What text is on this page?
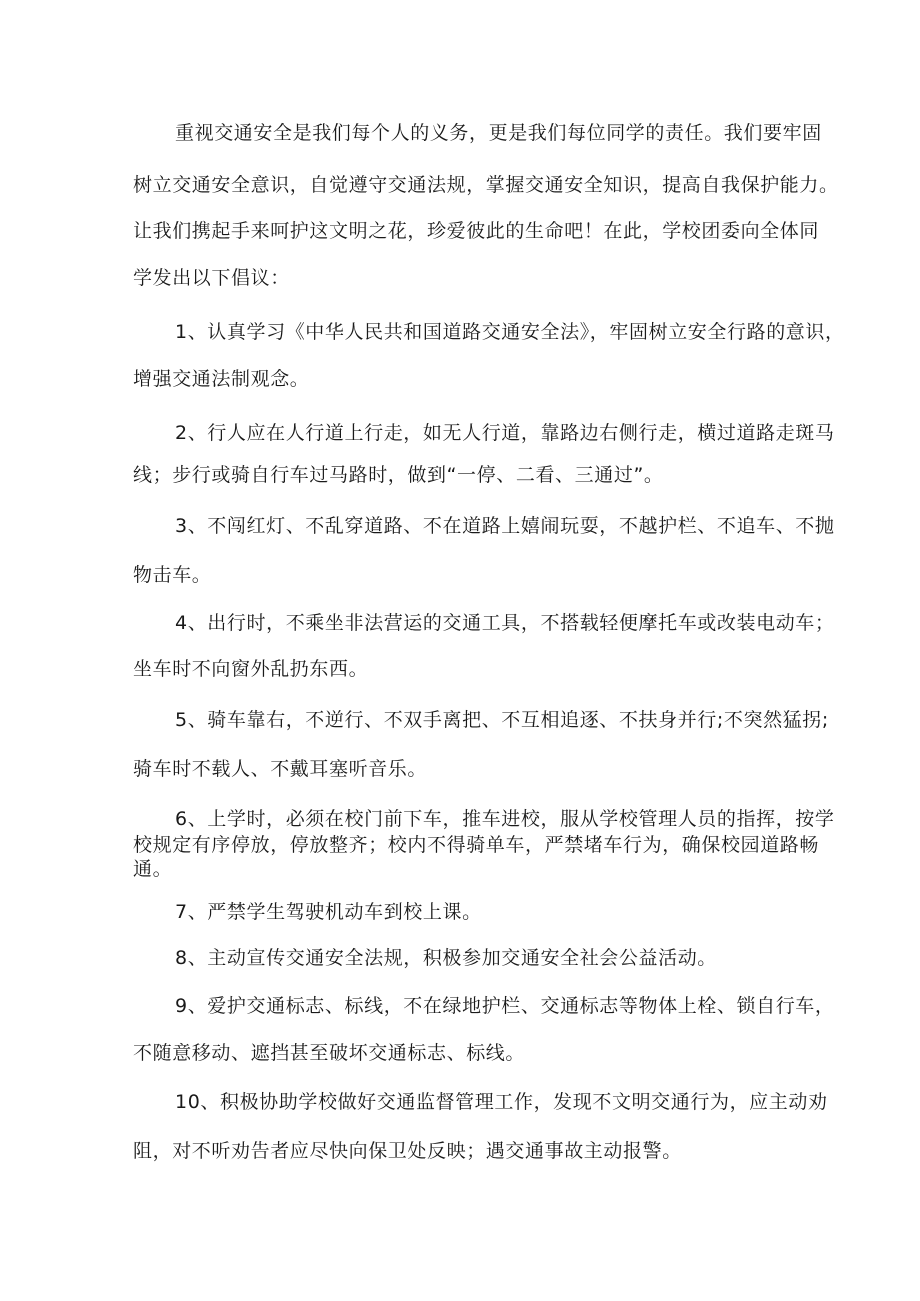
重视交通安全是我们每个人的义务，更是我们每位同学的责任。我们要牢固

树立交通安全意识，自觉遵守交通法规，掌握交通安全知识，提高自我保护能力。

让我们携起手来呵护这文明之花，珍爱彼此的生命吧！在此，学校团委向全体同

学发出以下倡议：

1、认真学习《中华人民共和国道路交通安全法》，牢固树立安全行路的意识，

增强交通法制观念。

2、行人应在人行道上行走，如无人行道，靠路边右侧行走，横过道路走斑马

线；步行或骑自行车过马路时，做到“一停、二看、三通过”。

3、不闯红灯、不乱穿道路、不在道路上嬉闹玩耍，不越护栏、不追车、不抛

物击车。

4、出行时，不乘坐非法营运的交通工具，不搭载轻便摩托车或改装电动车；

坐车时不向窗外乱扔东西。

5、骑车靠右，不逆行、不双手离把、不互相追逐、不扶身并行;不突然猛拐;

骑车时不载人、不戴耳塞听音乐。

6、上学时，必须在校门前下车，推车进校，服从学校管理人员的指挥，按学

校规定有序停放，停放整齐；校内不得骑单车，严禁堵车行为，确保校园道路畅

通。

7、严禁学生驾驶机动车到校上课。

8、主动宣传交通安全法规，积极参加交通安全社会公益活动。

9、爱护交通标志、标线，不在绿地护栏、交通标志等物体上栓、锁自行车，

不随意移动、遮挡甚至破坏交通标志、标线。

10、积极协助学校做好交通监督管理工作，发现不文明交通行为，应主动劝

阻，对不听劝告者应尽快向保卫处反映；遇交通事故主动报警。
